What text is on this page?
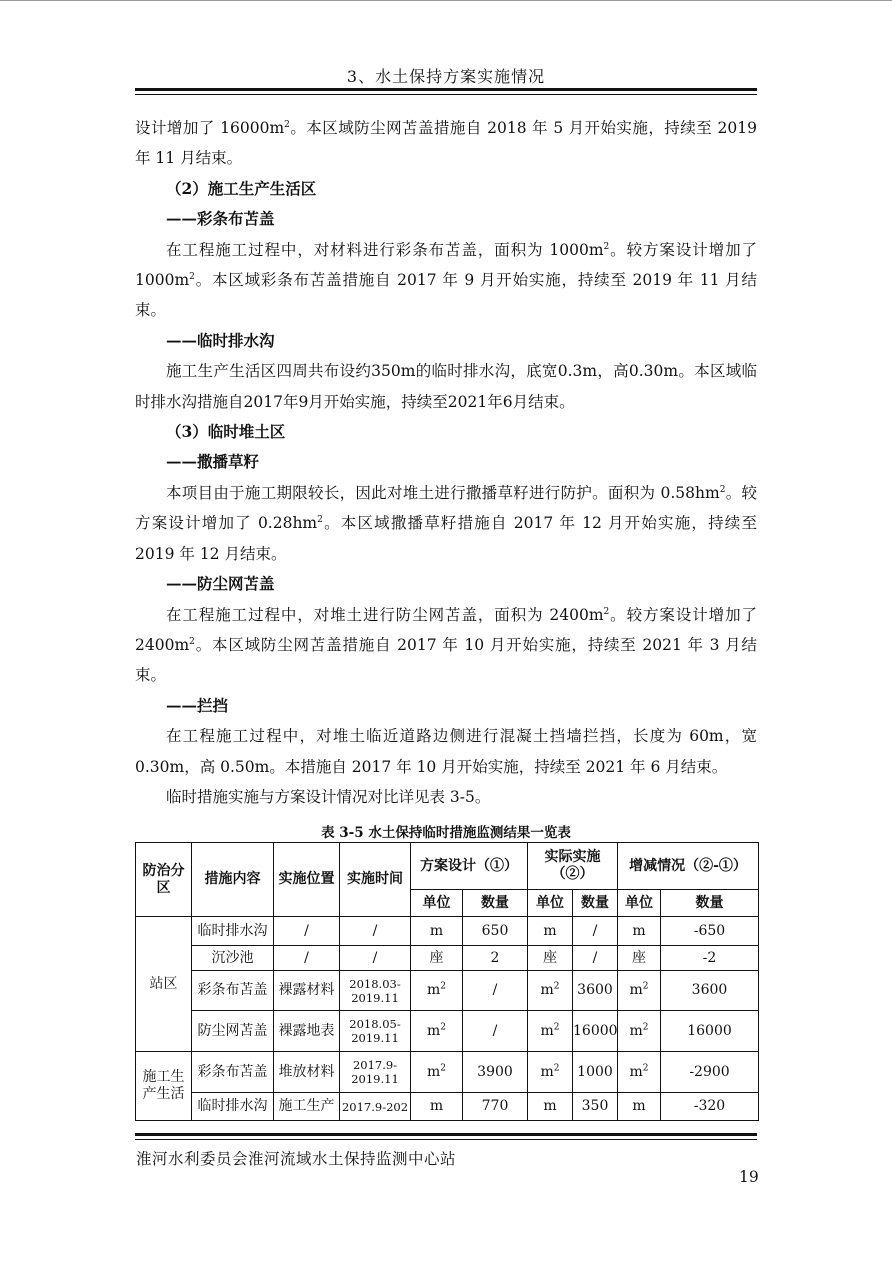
3、水土保持方案实施情况

设计增加了 $16000m^2$。本区域防尘网苫盖措施自 2018 年 5 月开始实施，持续至 2019 年 11 月结束。

（2）施工生产生活区

——彩条布苫盖

在工程施工过程中，对材料进行彩条布苫盖，面积为 $1000m^2$。较方案设计增加了 $1000m^2$。本区域彩条布苫盖措施自 2017 年 9 月开始实施，持续至 2019 年 11 月结束。

——临时排水沟

施工生产生活区四周共布设约350m的临时排水沟，底宽0.3m，高0.30m。本区域临时排水沟措施自2017年9月开始实施，持续至2021年6月结束。

（3）临时堆土区

——撒播草籽

本项目由于施工期限较长，因此对堆土进行撒播草籽进行防护。面积为 $0.58hm^2$。较方案设计增加了 $0.28hm^2$。本区域撒播草籽措施自 2017 年 12 月开始实施，持续至 2019 年 12 月结束。

——防尘网苫盖

在工程施工过程中，对堆土进行防尘网苫盖，面积为 $2400m^2$。较方案设计增加了 $2400m^2$。本区域防尘网苫盖措施自 2017 年 10 月开始实施，持续至 2021 年 3 月结束。

——拦挡

在工程施工过程中，对堆土临近道路边侧进行混凝土挡墙拦挡，长度为 60m，宽 0.30m，高 0.50m。本措施自 2017 年 10 月开始实施，持续至 2021 年 6 月结束。

临时措施实施与方案设计情况对比详见表 3-5。

表 3-5 水土保持临时措施监测结果一览表
防治分区	措施内容	实施位置	实施时间	方案设计（①）		实际实施（②）		增减情况（②-①）	
				单位	数量	单位	数量	单位	数量
站区	临时排水沟	/	/	m	650	m	/	m	-650
	沉沙池	/	/	座	2	座	/	座	-2
	彩条布苫盖	裸露材料	2018.03-2019.11	$m^2$	/	$m^2$	3600	$m^2$	3600
	防尘网苫盖	裸露地表	2018.05-2019.11	$m^2$	/	$m^2$	16000	$m^2$	16000
施工生产生活	彩条布苫盖	堆放材料	2017.9-2019.11	$m^2$	3900	$m^2$	1000	$m^2$	-2900
	临时排水沟	施工生产	2017.9-202	m	770	m	350	m	-320
淮河水利委员会淮河流域水土保持监测中心站
19
